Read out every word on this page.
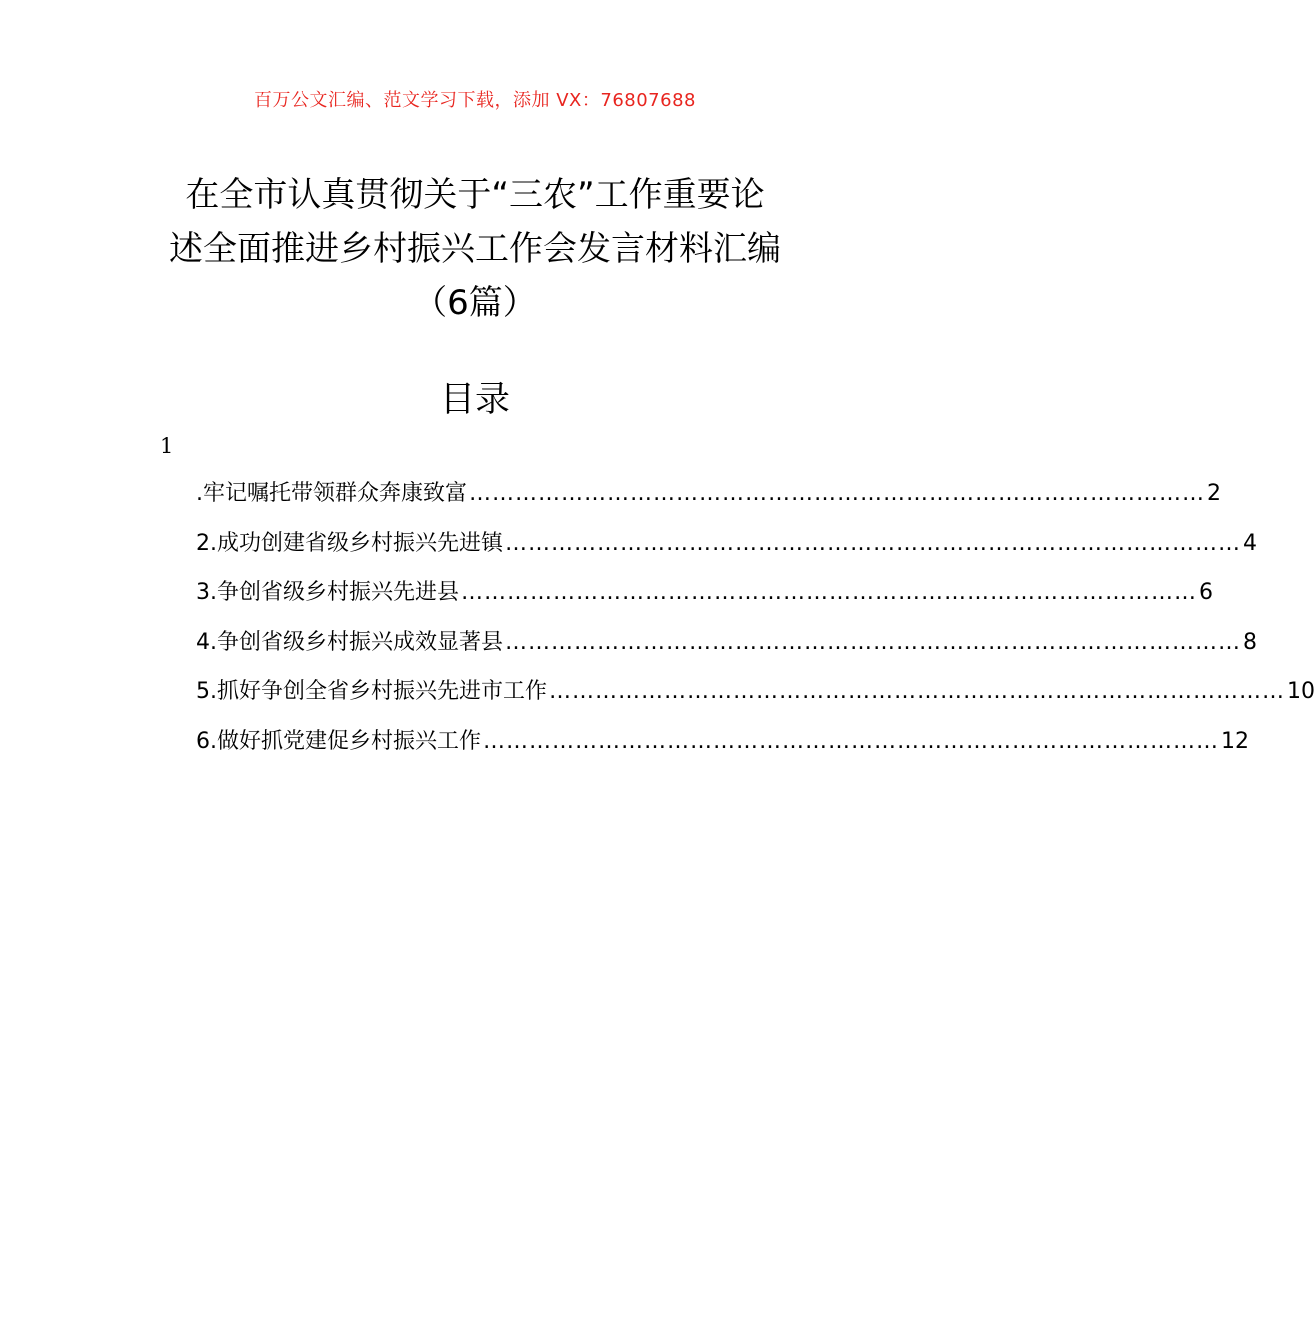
百万公文汇编、范文学习下载，添加 VX：76807688
在全市认真贯彻关于“三农”工作重要论
述全面推进乡村振兴工作会发言材料汇编
（6篇）
目录
1
.牢记嘱托带领群众奔康致富 …………………………………………………………………………………… 2
2.成功创建省级乡村振兴先进镇 …………………………………………………………………………………… 4
3.争创省级乡村振兴先进县 …………………………………………………………………………………… 6
4.争创省级乡村振兴成效显著县 …………………………………………………………………………………… 8
5.抓好争创全省乡村振兴先进市工作 …………………………………………………………………………………… 10
6.做好抓党建促乡村振兴工作 …………………………………………………………………………………… 12
